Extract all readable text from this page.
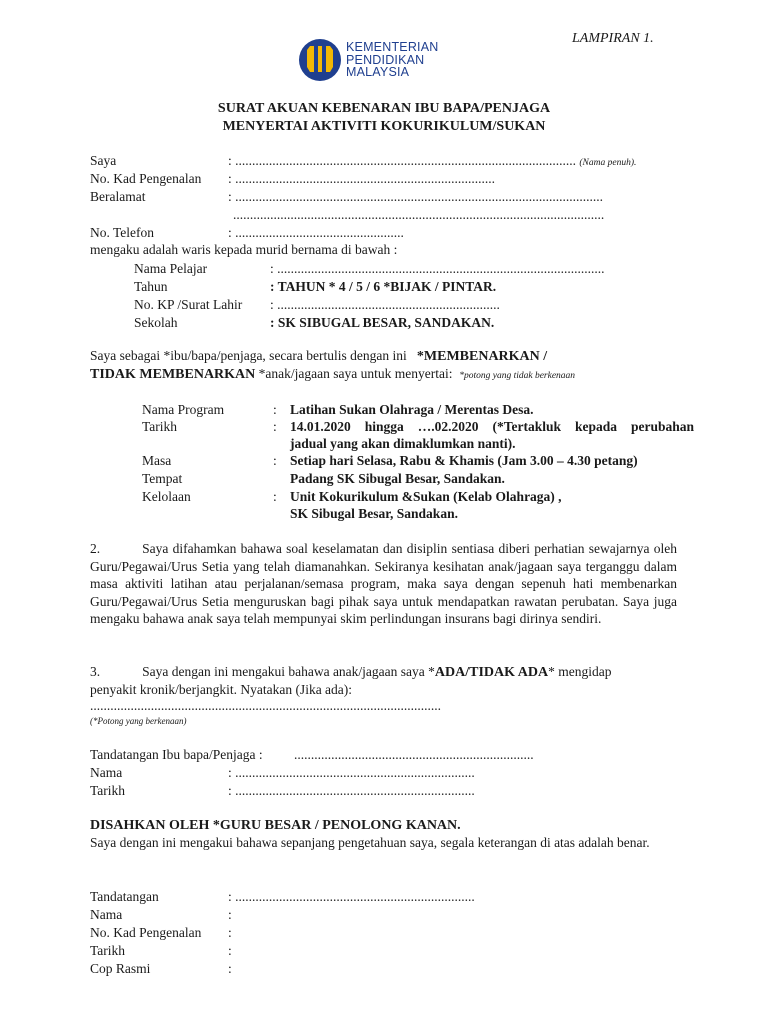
LAMPIRAN 1.
KEMENTERIAN
PENDIDIKAN
MALAYSIA
SURAT AKUAN KEBENARAN IBU BAPA/PENJAGA
MENYERTAI AKTIVITI KOKURIKULUM/SUKAN
Saya	: ..................................................................................................... (Nama penuh).
No. Kad Pengenalan : .............................................................................
Beralamat	: .............................................................................................................
..............................................................................................................
No. Telefon	: ..................................................
mengaku adalah waris kepada murid bernama di bawah :
Nama Pelajar	: .................................................................................................
Tahun	: TAHUN * 4 / 5 / 6 *BIJAK / PINTAR.
No. KP /Surat Lahir : ..................................................................
Sekolah	: SK SIBUGAL BESAR, SANDAKAN.
Saya sebagai *ibu/bapa/penjaga, secara bertulis dengan ini *MEMBENARKAN /
TIDAK MEMBENARKAN *anak/jagaan saya untuk menyertai: *potong yang tidak berkenaan
Nama Program	: Latihan Sukan Olahraga / Merentas Desa.
Tarikh	: 14.01.2020 hingga ….02.2020 (*Tertakluk kepada perubahan
jadual yang akan dimaklumkan nanti).
Masa	: Setiap hari Selasa, Rabu & Khamis (Jam 3.00 – 4.30 petang)
Tempat	Padang SK Sibugal Besar, Sandakan.
Kelolaan	: Unit Kokurikulum &Sukan (Kelab Olahraga) ,
SK Sibugal Besar, Sandakan.
2.	Saya difahamkan bahawa soal keselamatan dan disiplin sentiasa diberi perhatian sewajarnya oleh Guru/Pegawai/Urus Setia yang telah diamanahkan. Sekiranya kesihatan anak/jagaan saya terganggu dalam masa aktiviti latihan atau perjalanan/semasa program, maka saya dengan sepenuh hati membenarkan Guru/Pegawai/Urus Setia menguruskan bagi pihak saya untuk mendapatkan rawatan perubatan. Saya juga mengaku bahawa anak saya telah mempunyai skim perlindungan insurans bagi dirinya sendiri.
3.	Saya dengan ini mengakui bahawa anak/jagaan saya *ADA/TIDAK ADA* mengidap
penyakit kronik/berjangkit. Nyatakan (Jika ada):
........................................................................................................
(*Potong yang berkenaan)
Tandatangan Ibu bapa/Penjaga : .......................................................................
Nama	: .......................................................................
Tarikh	: .......................................................................
DISAHKAN OLEH *GURU BESAR / PENOLONG KANAN.
Saya dengan ini mengakui bahawa sepanjang pengetahuan saya, segala keterangan di atas adalah benar.
Tandatangan	: .......................................................................
Nama	:
No. Kad Pengenalan :
Tarikh	:
Cop Rasmi	:
